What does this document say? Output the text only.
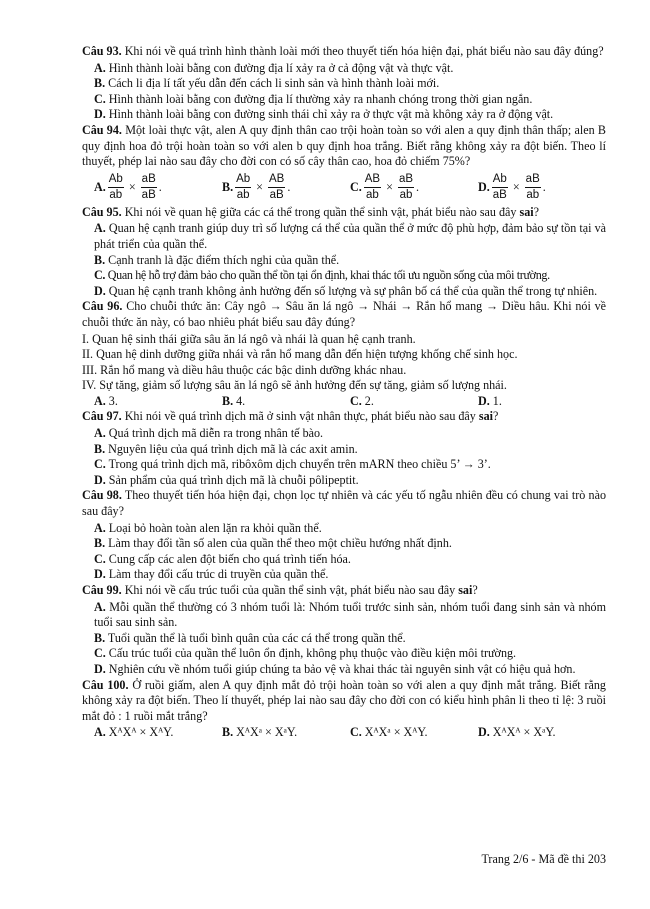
Câu 93. Khi nói về quá trình hình thành loài mới theo thuyết tiến hóa hiện đại, phát biểu nào sau đây đúng?
A. Hình thành loài bằng con đường địa lí xảy ra ở cả động vật và thực vật.
B. Cách li địa lí tất yếu dẫn đến cách li sinh sản và hình thành loài mới.
C. Hình thành loài bằng con đường địa lí thường xảy ra nhanh chóng trong thời gian ngắn.
D. Hình thành loài bằng con đường sinh thái chỉ xảy ra ở thực vật mà không xảy ra ở động vật.
Câu 94. Một loài thực vật, alen A quy định thân cao trội hoàn toàn so với alen a quy định thân thấp; alen B quy định hoa đỏ trội hoàn toàn so với alen b quy định hoa trắng. Biết rằng không xảy ra đột biến. Theo lí thuyết, phép lai nào sau đây cho đời con có số cây thân cao, hoa đỏ chiếm 75%?
A. $\frac{Ab}{ab} \times \frac{aB}{aB}$ .	B. $\frac{Ab}{ab} \times \frac{AB}{aB}$ .	C. $\frac{AB}{ab} \times \frac{aB}{ab}$ .	D. $\frac{Ab}{aB} \times \frac{aB}{ab}$ .
Câu 95. Khi nói về quan hệ giữa các cá thể trong quần thể sinh vật, phát biểu nào sau đây sai?
A. Quan hệ cạnh tranh giúp duy trì số lượng cá thể của quần thể ở mức độ phù hợp, đảm bảo sự tồn tại và phát triển của quần thể.
B. Cạnh tranh là đặc điểm thích nghi của quần thể.
C. Quan hệ hỗ trợ đảm bảo cho quần thể tồn tại ổn định, khai thác tối ưu nguồn sống của môi trường.
D. Quan hệ cạnh tranh không ảnh hưởng đến số lượng và sự phân bố cá thể của quần thể trong tự nhiên.
Câu 96. Cho chuỗi thức ăn: Cây ngô → Sâu ăn lá ngô → Nhái → Rắn hổ mang → Diều hâu. Khi nói về chuỗi thức ăn này, có bao nhiêu phát biểu sau đây đúng?
I. Quan hệ sinh thái giữa sâu ăn lá ngô và nhái là quan hệ cạnh tranh.
II. Quan hệ dinh dưỡng giữa nhái và rắn hổ mang dẫn đến hiện tượng khống chế sinh học.
III. Rắn hổ mang và diều hâu thuộc các bậc dinh dưỡng khác nhau.
IV. Sự tăng, giảm số lượng sâu ăn lá ngô sẽ ảnh hưởng đến sự tăng, giảm số lượng nhái.
A. 3.	B. 4.	C. 2.	D. 1.
Câu 97. Khi nói về quá trình dịch mã ở sinh vật nhân thực, phát biểu nào sau đây sai?
A. Quá trình dịch mã diễn ra trong nhân tế bào.
B. Nguyên liệu của quá trình dịch mã là các axit amin.
C. Trong quá trình dịch mã, ribôxôm dịch chuyển trên mARN theo chiều 5’ → 3’.
D. Sản phẩm của quá trình dịch mã là chuỗi pôlipeptit.
Câu 98. Theo thuyết tiến hóa hiện đại, chọn lọc tự nhiên và các yếu tố ngẫu nhiên đều có chung vai trò nào sau đây?
A. Loại bỏ hoàn toàn alen lặn ra khỏi quần thể.
B. Làm thay đổi tần số alen của quần thể theo một chiều hướng nhất định.
C. Cung cấp các alen đột biến cho quá trình tiến hóa.
D. Làm thay đổi cấu trúc di truyền của quần thể.
Câu 99. Khi nói về cấu trúc tuổi của quần thể sinh vật, phát biểu nào sau đây sai?
A. Mỗi quần thể thường có 3 nhóm tuổi là: Nhóm tuổi trước sinh sản, nhóm tuổi đang sinh sản và nhóm tuổi sau sinh sản.
B. Tuổi quần thể là tuổi bình quân của các cá thể trong quần thể.
C. Cấu trúc tuổi của quần thể luôn ổn định, không phụ thuộc vào điều kiện môi trường.
D. Nghiên cứu về nhóm tuổi giúp chúng ta bảo vệ và khai thác tài nguyên sinh vật có hiệu quả hơn.
Câu 100. Ở ruồi giấm, alen A quy định mắt đỏ trội hoàn toàn so với alen a quy định mắt trắng. Biết rằng không xảy ra đột biến. Theo lí thuyết, phép lai nào sau đây cho đời con có kiểu hình phân li theo tỉ lệ: 3 ruồi mắt đỏ : 1 ruồi mắt trắng?
A. XᴬXᴬ × XᴬY.	B. XᴬXᵃ × XᵃY.	C. XᴬXᵃ × XᴬY.	D. XᴬXᴬ × XᵃY.
Trang 2/6 - Mã đề thi 203
